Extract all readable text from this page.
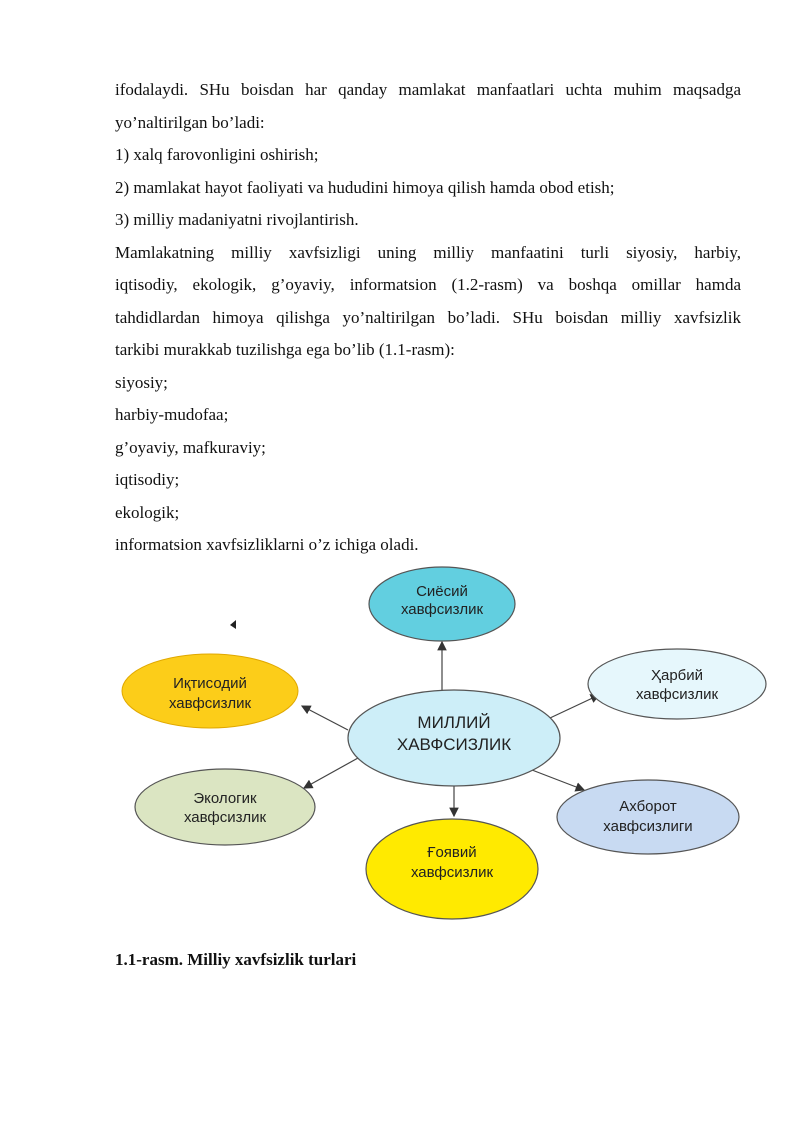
ifodalaydi. SHu boisdan har qanday mamlakat manfaatlari uchta muhim maqsadga
yo’naltirilgan bo’ladi:
1) xalq farovonligini oshirish;
2) mamlakat hayot faoliyati va hududini himoya qilish hamda obod etish;
3) milliy madaniyatni rivojlantirish.
Mamlakatning milliy xavfsizligi uning milliy manfaatini turli siyosiy, harbiy,
iqtisodiy, ekologik, g’oyaviy, informatsion (1.2-rasm) va boshqa omillar hamda
tahdidlardan himoya qilishga yo’naltirilgan bo’ladi. SHu boisdan milliy xavfsizlik
tarkibi murakkab tuzilishga ega bo’lib (1.1-rasm):
siyosiy;
harbiy-mudofaa;
g’oyaviy, mafkuraviy;
iqtisodiy;
ekologik;
informatsion xavfsizliklarni o’z ichiga oladi.
Сиёсий
хавфсизлик
Ҳарбий
хавфсизлик
Иқтисодий
хавфсизлик
МИЛЛИЙ
ХАВФСИЗЛИК
Экологик
хавфсизлик
Ахборот
хавфсизлиги
Ғоявий
хавфсизлик
1.1-rasm. Milliy xavfsizlik turlari
